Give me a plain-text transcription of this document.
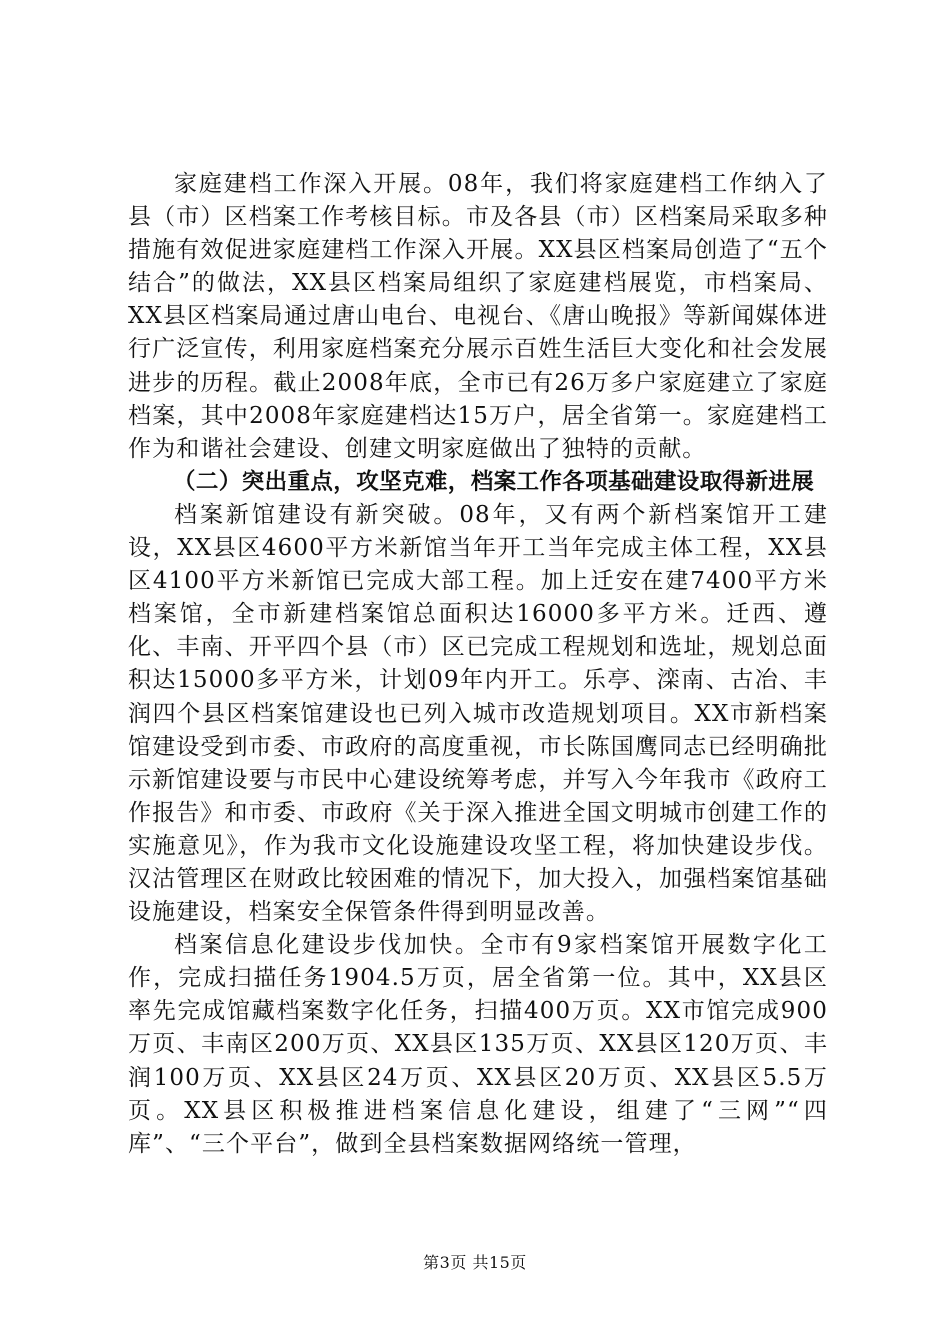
家庭建档工作深入开展。08年，我们将家庭建档工作纳入了县（市）区档案工作考核目标。市及各县（市）区档案局采取多种措施有效促进家庭建档工作深入开展。XX县区档案局创造了“五个结合”的做法，XX县区档案局组织了家庭建档展览，市档案局、XX县区档案局通过唐山电台、电视台、《唐山晚报》等新闻媒体进行广泛宣传，利用家庭档案充分展示百姓生活巨大变化和社会发展进步的历程。截止2008年底，全市已有26万多户家庭建立了家庭档案，其中2008年家庭建档达15万户，居全省第一。家庭建档工作为和谐社会建设、创建文明家庭做出了独特的贡献。

（二）突出重点，攻坚克难，档案工作各项基础建设取得新进展

档案新馆建设有新突破。08年，又有两个新档案馆开工建设，XX县区4600平方米新馆当年开工当年完成主体工程，XX县区4100平方米新馆已完成大部工程。加上迁安在建7400平方米档案馆，全市新建档案馆总面积达16000多平方米。迁西、遵化、丰南、开平四个县（市）区已完成工程规划和选址，规划总面积达15000多平方米，计划09年内开工。乐亭、滦南、古冶、丰润四个县区档案馆建设也已列入城市改造规划项目。XX市新档案馆建设受到市委、市政府的高度重视，市长陈国鹰同志已经明确批示新馆建设要与市民中心建设统筹考虑，并写入今年我市《政府工作报告》和市委、市政府《关于深入推进全国文明城市创建工作的实施意见》，作为我市文化设施建设攻坚工程，将加快建设步伐。汉沽管理区在财政比较困难的情况下，加大投入，加强档案馆基础设施建设，档案安全保管条件得到明显改善。

档案信息化建设步伐加快。全市有9家档案馆开展数字化工作，完成扫描任务1904.5万页，居全省第一位。其中，XX县区率先完成馆藏档案数字化任务，扫描400万页。XX市馆完成900万页、丰南区200万页、XX县区135万页、XX县区120万页、丰润100万页、XX县区24万页、XX县区20万页、XX县区5.5万页。XX县区积极推进档案信息化建设，组建了“三网”“四库”、“三个平台”，做到全县档案数据网络统一管理，

第3页 共15页
